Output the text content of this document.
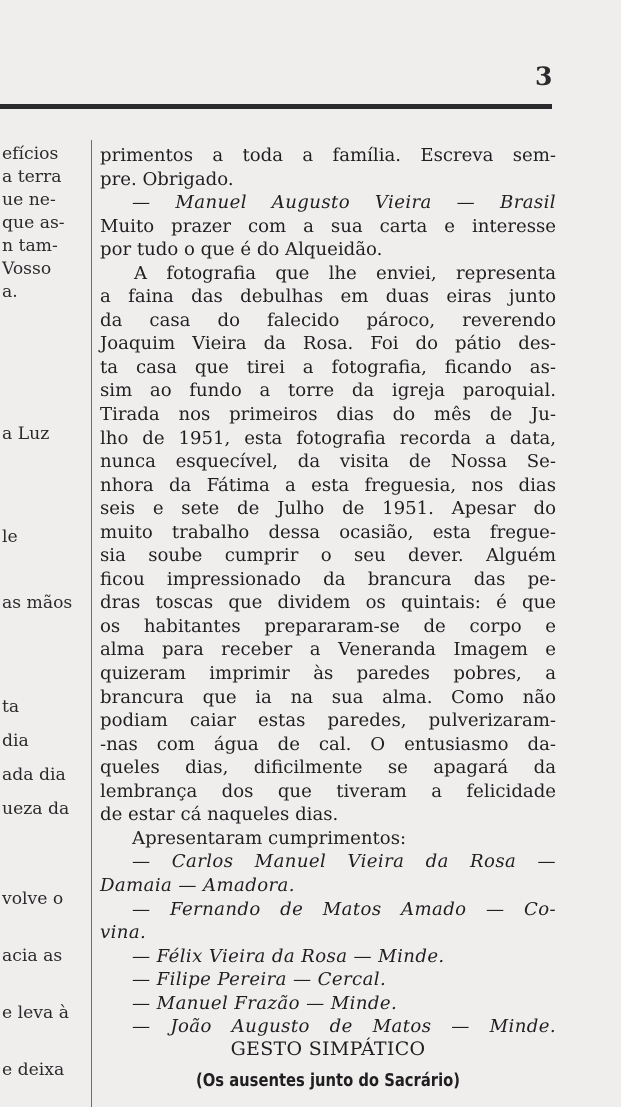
3
efícios
a terra
ue ne-
que as-
n tam-
Vosso
a.
a Luz
le
as mãos
ta
dia
ada dia
ueza da
volve o
acia as
e leva à
e deixa
primentos a toda a família. Escreva sem-
pre. Obrigado.
— Manuel Augusto Vieira — Brasil
Muito prazer com a sua carta e interesse
por tudo o que é do Alqueidão.
A fotografia que lhe enviei, representa
a faina das debulhas em duas eiras junto
da casa do falecido pároco, reverendo
Joaquim Vieira da Rosa. Foi do pátio des-
ta casa que tirei a fotografia, ficando as-
sim ao fundo a torre da igreja paroquial.
Tirada nos primeiros dias do mês de Ju-
lho de 1951, esta fotografia recorda a data,
nunca esquecível, da visita de Nossa Se-
nhora da Fátima a esta freguesia, nos dias
seis e sete de Julho de 1951. Apesar do
muito trabalho dessa ocasião, esta fregue-
sia soube cumprir o seu dever. Alguém
ficou impressionado da brancura das pe-
dras toscas que dividem os quintais: é que
os habitantes prepararam-se de corpo e
alma para receber a Veneranda Imagem e
quizeram imprimir às paredes pobres, a
brancura que ia na sua alma. Como não
podiam caiar estas paredes, pulverizaram-
-nas com água de cal. O entusiasmo da-
queles dias, dificilmente se apagará da
lembrança dos que tiveram a felicidade
de estar cá naqueles dias.
Apresentaram cumprimentos:
— Carlos Manuel Vieira da Rosa —
Damaia — Amadora.
— Fernando de Matos Amado — Co-
vina.
— Félix Vieira da Rosa — Minde.
— Filipe Pereira — Cercal.
— Manuel Frazão — Minde.
— João Augusto de Matos — Minde.
GESTO SIMPÁTICO
(Os ausentes junto do Sacrário)
